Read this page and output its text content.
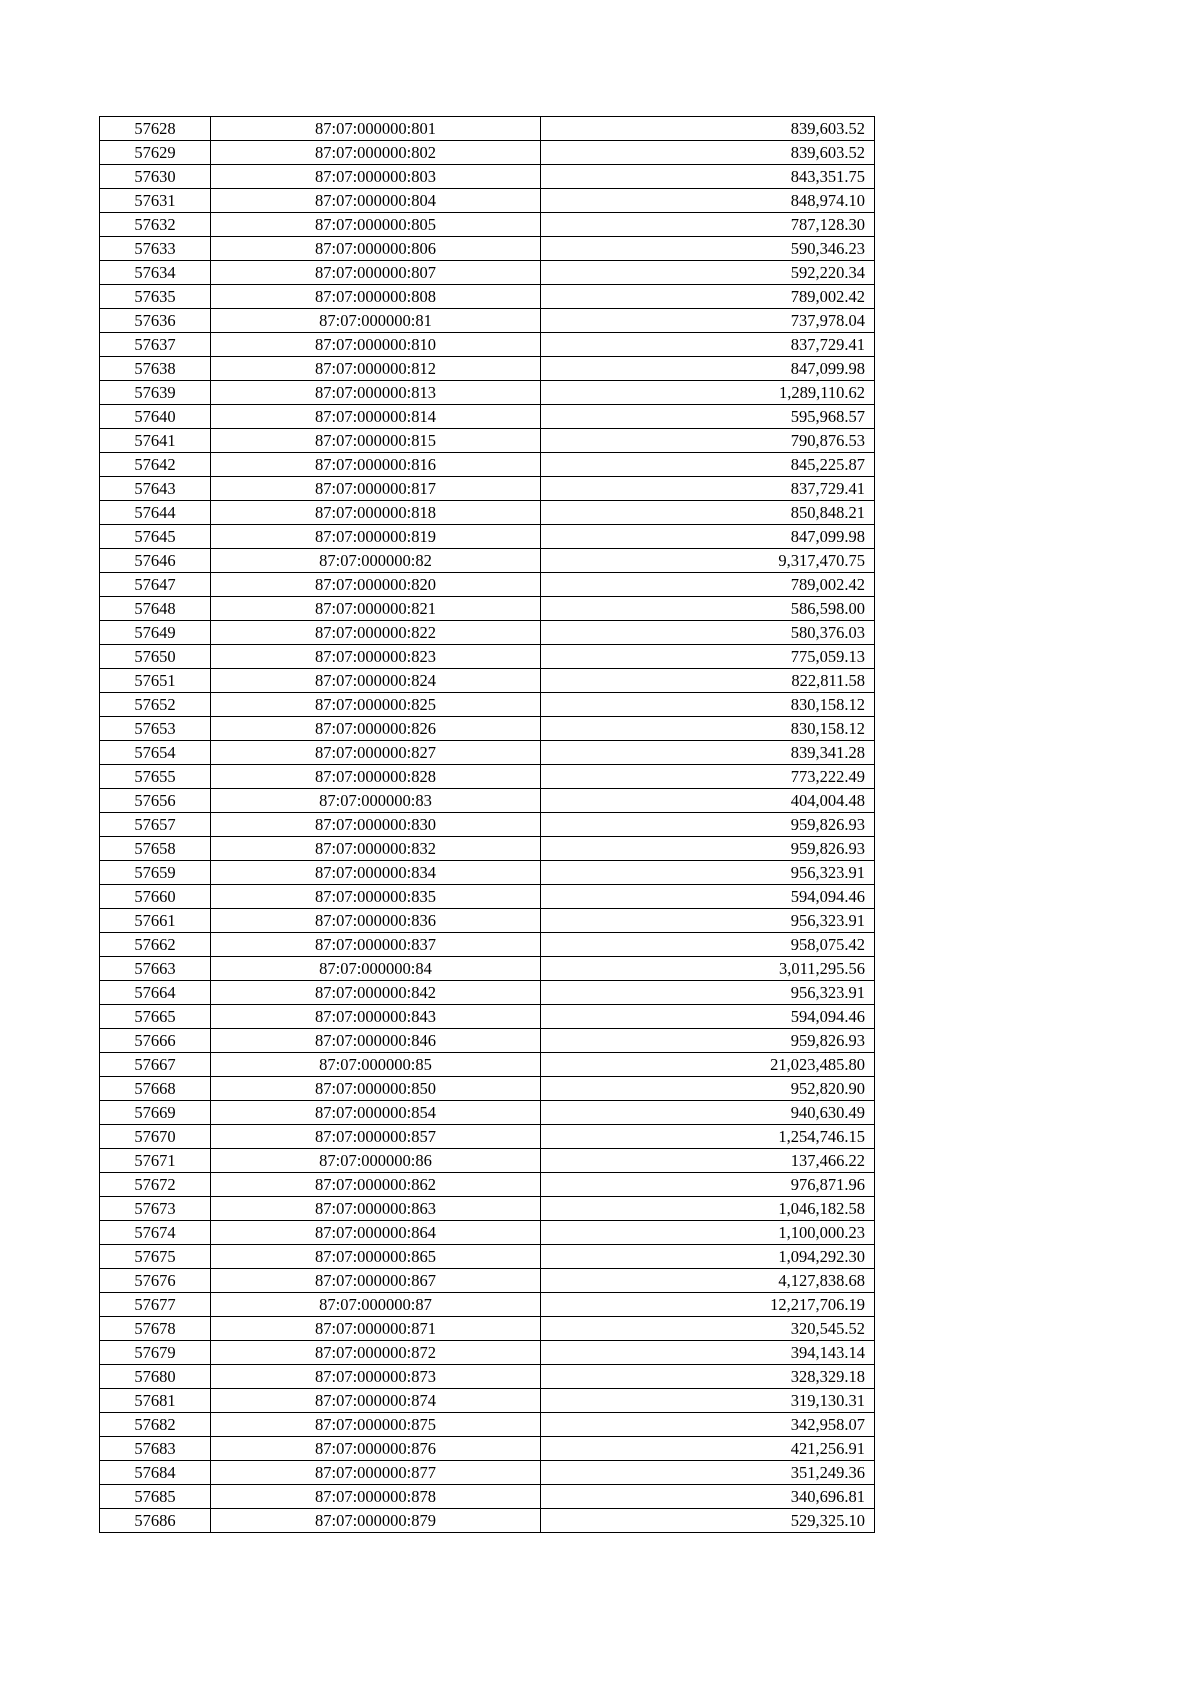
57628	87:07:000000:801	839,603.52
57629	87:07:000000:802	839,603.52
57630	87:07:000000:803	843,351.75
57631	87:07:000000:804	848,974.10
57632	87:07:000000:805	787,128.30
57633	87:07:000000:806	590,346.23
57634	87:07:000000:807	592,220.34
57635	87:07:000000:808	789,002.42
57636	87:07:000000:81	737,978.04
57637	87:07:000000:810	837,729.41
57638	87:07:000000:812	847,099.98
57639	87:07:000000:813	1,289,110.62
57640	87:07:000000:814	595,968.57
57641	87:07:000000:815	790,876.53
57642	87:07:000000:816	845,225.87
57643	87:07:000000:817	837,729.41
57644	87:07:000000:818	850,848.21
57645	87:07:000000:819	847,099.98
57646	87:07:000000:82	9,317,470.75
57647	87:07:000000:820	789,002.42
57648	87:07:000000:821	586,598.00
57649	87:07:000000:822	580,376.03
57650	87:07:000000:823	775,059.13
57651	87:07:000000:824	822,811.58
57652	87:07:000000:825	830,158.12
57653	87:07:000000:826	830,158.12
57654	87:07:000000:827	839,341.28
57655	87:07:000000:828	773,222.49
57656	87:07:000000:83	404,004.48
57657	87:07:000000:830	959,826.93
57658	87:07:000000:832	959,826.93
57659	87:07:000000:834	956,323.91
57660	87:07:000000:835	594,094.46
57661	87:07:000000:836	956,323.91
57662	87:07:000000:837	958,075.42
57663	87:07:000000:84	3,011,295.56
57664	87:07:000000:842	956,323.91
57665	87:07:000000:843	594,094.46
57666	87:07:000000:846	959,826.93
57667	87:07:000000:85	21,023,485.80
57668	87:07:000000:850	952,820.90
57669	87:07:000000:854	940,630.49
57670	87:07:000000:857	1,254,746.15
57671	87:07:000000:86	137,466.22
57672	87:07:000000:862	976,871.96
57673	87:07:000000:863	1,046,182.58
57674	87:07:000000:864	1,100,000.23
57675	87:07:000000:865	1,094,292.30
57676	87:07:000000:867	4,127,838.68
57677	87:07:000000:87	12,217,706.19
57678	87:07:000000:871	320,545.52
57679	87:07:000000:872	394,143.14
57680	87:07:000000:873	328,329.18
57681	87:07:000000:874	319,130.31
57682	87:07:000000:875	342,958.07
57683	87:07:000000:876	421,256.91
57684	87:07:000000:877	351,249.36
57685	87:07:000000:878	340,696.81
57686	87:07:000000:879	529,325.10
